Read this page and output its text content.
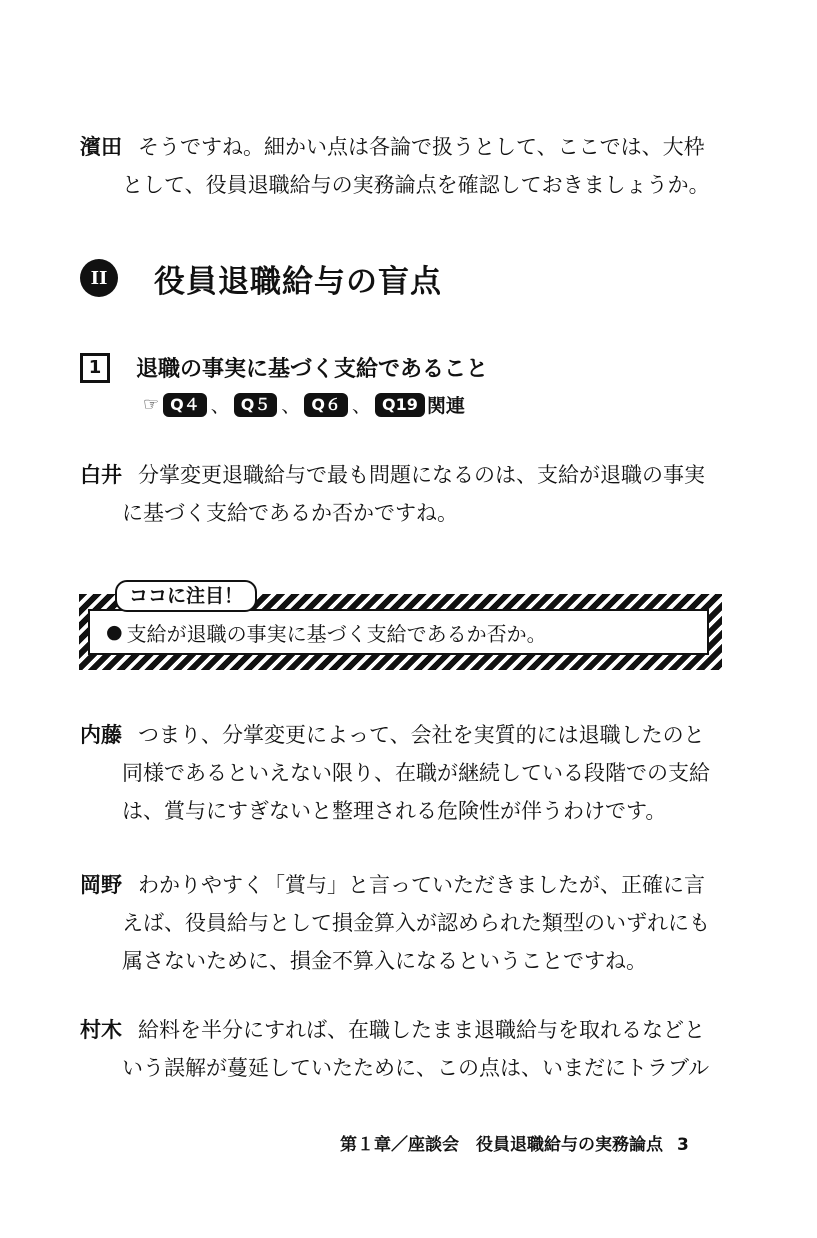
濱田 そうですね。細かい点は各論で扱うとして、ここでは、大枠
として、役員退職給与の実務論点を確認しておきましょうか。
II	役員退職給与の盲点
1	退職の事実に基づく支給であること
☞ Q４ 、 Q５ 、 Q６ 、 Q19 関連
白井 分掌変更退職給与で最も問題になるのは、支給が退職の事実
に基づく支給であるか否かですね。
● 支給が退職の事実に基づく支給であるか否か。
ココに注目！
内藤 つまり、分掌変更によって、会社を実質的には退職したのと
同様であるといえない限り、在職が継続している段階での支給
は、賞与にすぎないと整理される危険性が伴うわけです。
岡野 わかりやすく「賞与」と言っていただきましたが、正確に言
えば、役員給与として損金算入が認められた類型のいずれにも
属さないために、損金不算入になるということですね。
村木 給料を半分にすれば、在職したまま退職給与を取れるなどと
いう誤解が蔓延していたために、この点は、いまだにトラブル
第１章／座談会　役員退職給与の実務論点 3
